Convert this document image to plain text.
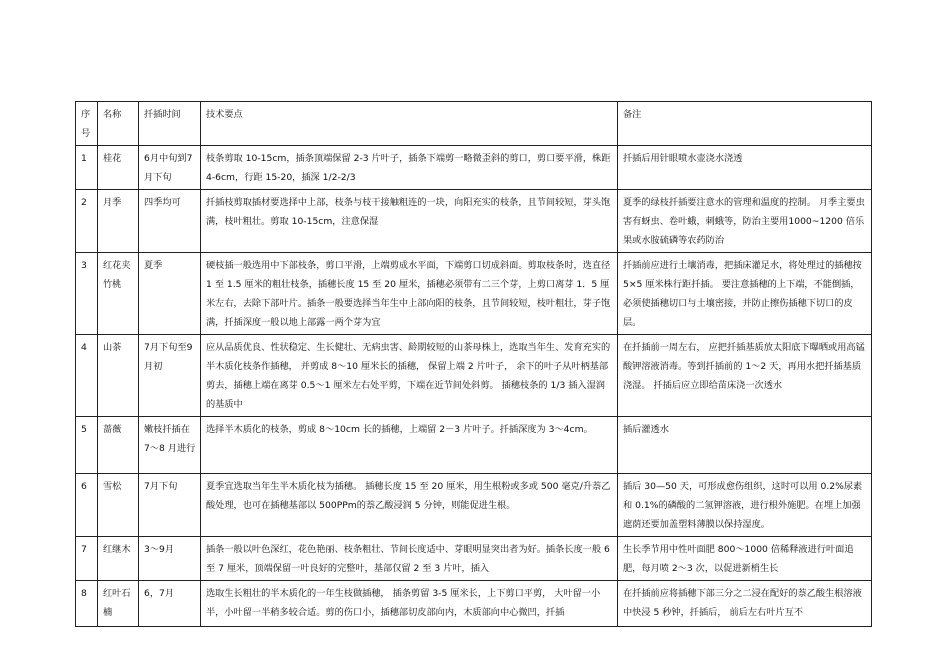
序号	名称	扦插时间	技术要点	备注
1	桂花	6月中旬到7月下旬	枝条剪取 10-15cm，插条顶端保留 2-3 片叶子，插条下端剪一略微歪斜的剪口，剪口要平滑，株距 4-6cm，行距 15-20，插深 1/2-2/3	扦插后用针眼喷水壶浇水浇透
2	月季	四季均可	扦插枝剪取插材要选择中上部，枝条与枝干接触粗连的一块，向阳充实的枝条，且节间较短，芽头饱满，枝叶粗壮。剪取 10-15cm，注意保湿	夏季的绿枝扦插要注意水的管理和温度的控制。 月季主要虫害有蚜虫、卷叶蛾，刺蛾等，防治主要用1000~1200 倍乐果或水胺硫磷等农药防治
3	红花夹竹桃	夏季	硬枝插一般选用中下部枝条，剪口平滑，上端剪成水平面，下端剪口切成斜面。剪取枝条时，选直径 1 至 1.5 厘米的粗壮枝条，插穗长度 15 至 20 厘米，插穗必须带有二三个芽，上剪口离芽 1．5 厘米左右，去除下部叶片。插条一般要选择当年生中上部向阳的枝条，且节间较短，枝叶粗壮，芽子饱满，扦插深度一般以地上部露一两个芽为宜	扦插前应进行土壤消毒，把插床灌足水，将处理过的插穗按 5×5 厘米株行距扦插。 要注意插穗的上下端，不能倒插，必须使插穗切口与土壤密接，并防止擦伤插穗下切口的皮层。
4	山茶	7月下旬至9月初	应从品质优良、性状稳定、生长健壮、无病虫害、龄期较短的山茶母株上，选取当年生、发育充实的半木质化枝条作插穗， 并剪成 8～10 厘米长的插穗， 保留上端 2 片叶子， 余下的叶子从叶柄基部剪去，插穗上端在离芽 0.5～1 厘米左右处平剪，下端在近节间处斜剪。 插穗枝条的 1/3 插入湿润的基质中	在扦插前一周左右， 应把扦插基质放太阳底下曝晒或用高锰酸钾溶液消毒。等到扦插前的 1～2 天，再用水把扦插基质浇湿。 扦插后应立即给苗床浇一次透水
5	蔷薇	嫩枝扦插在 7～8 月进行	选择半木质化的枝条，剪成 8～10cm 长的插穗，上端留 2－3 片叶子。扦插深度为 3～4cm。	插后灌透水
6	雪松	7月下旬	夏季宜选取当年生半木质化枝为插穗。 插穗长度 15 至 20 厘米，用生根粉或多或 500 毫克/升萘乙酸处理，也可在插穗基部以 500PPm的萘乙酸浸润 5 分钟，则能促进生根。	插后 30—50 天，可形成愈伤组织，这时可以用 0.2%尿素和 0.1%的磷酸的二氢钾溶液，进行根外施肥。在埋上加强遮荫还要加盖塑料薄膜以保持湿度。
7	红继木	3～9月	插条一般以叶色深红，花色艳丽、枝条粗壮、节间长度适中、芽眼明显突出者为好。插条长度一般 6 至 7 厘米，顶端保留一叶良好的完整叶，基部仅留 2 至 3 片叶，插入	生长季节用中性叶面肥 800～1000 倍稀释液进行叶面追肥，每月喷 2～3 次，以促进新梢生长
8	红叶石楠	6，7月	选取生长粗壮的半木质化的一年生枝做插穗， 插条剪留 3-5 厘米长，上下剪口平剪， 大叶留一小半，小叶留一半稍多较合适。剪的伤口小，插穗部切皮部向内，木质部向中心微凹，扦插	在扦插前应将插穗下部三分之二浸在配好的萘乙酸生根溶液中快浸 5 秒钟，扦插后， 前后左右叶片互不
